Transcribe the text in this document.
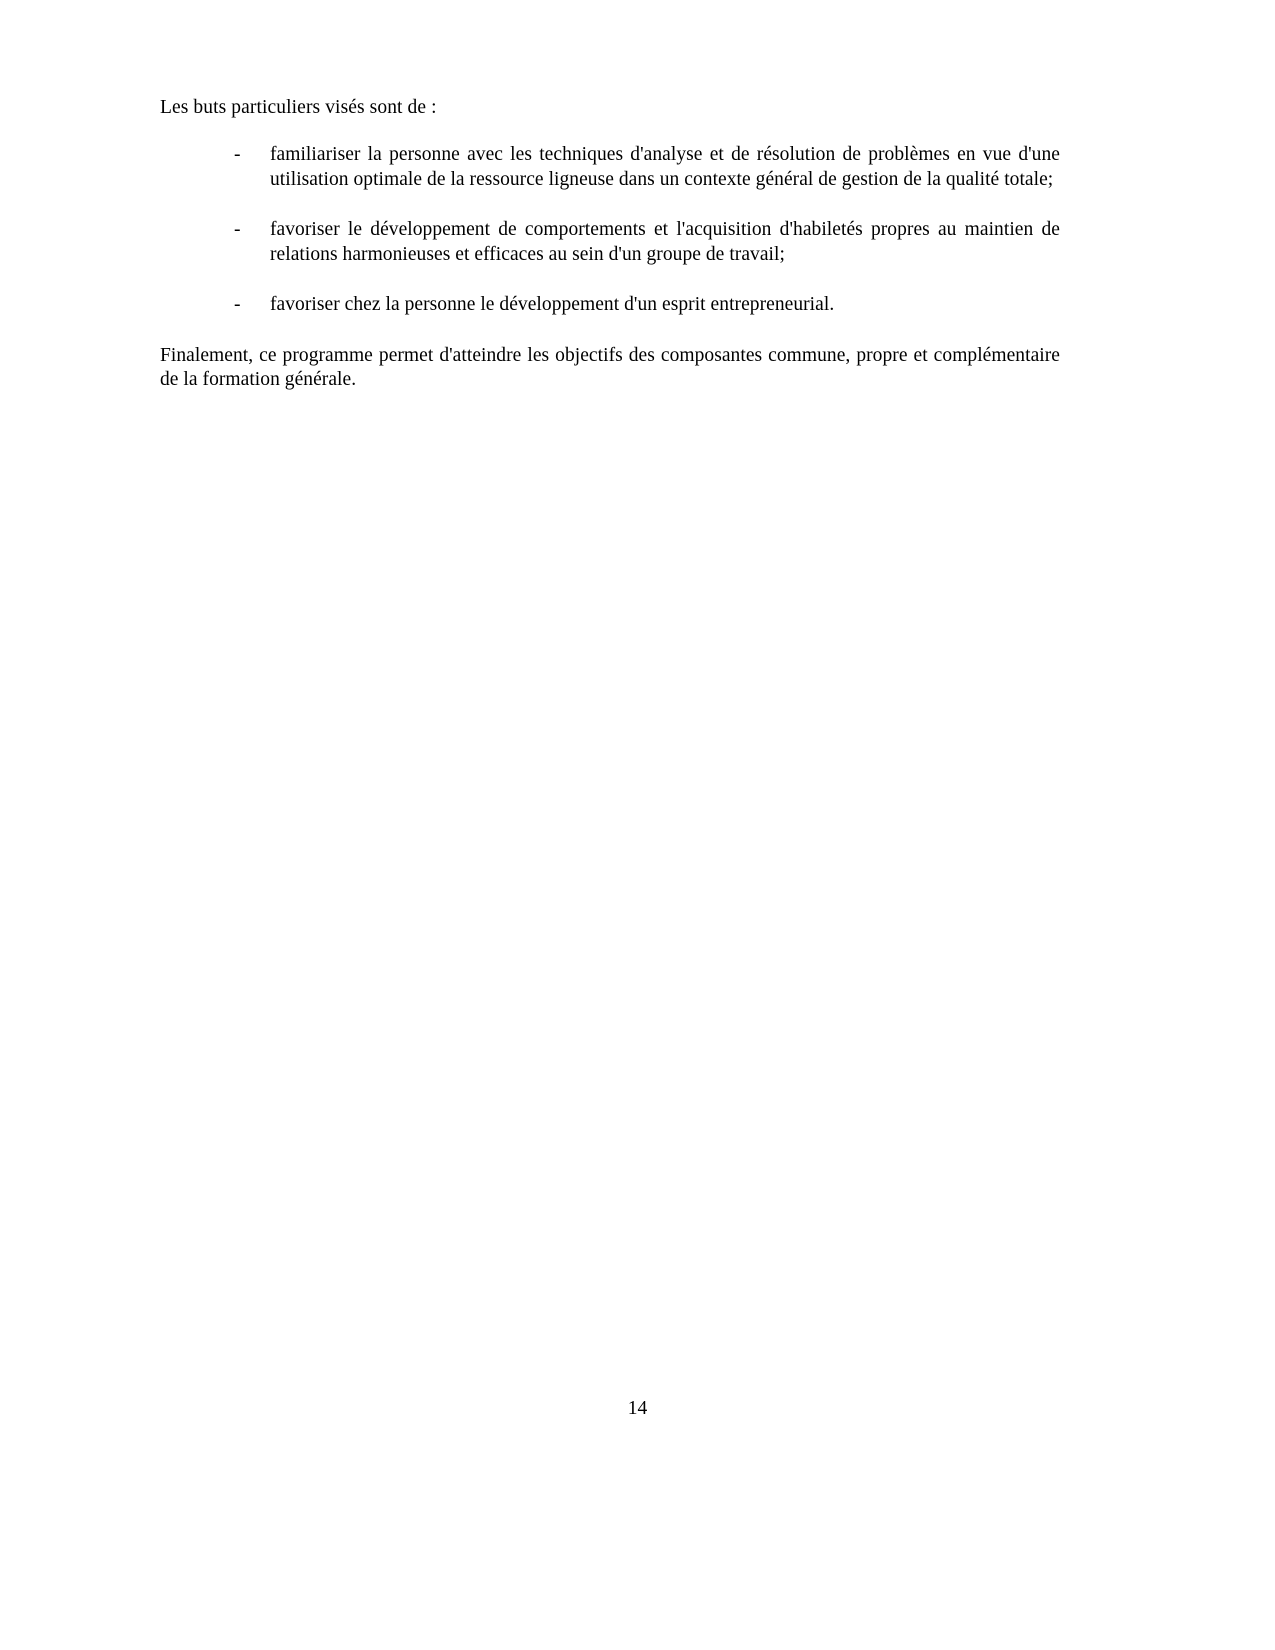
Les buts particuliers visés sont de :

- familiariser la personne avec les techniques d'analyse et de résolution de problèmes en vue d'une utilisation optimale de la ressource ligneuse dans un contexte général de gestion de la qualité totale;
- favoriser le développement de comportements et l'acquisition d'habiletés propres au maintien de relations harmonieuses et efficaces au sein d'un groupe de travail;
- favoriser chez la personne le développement d'un esprit entrepreneurial.

Finalement, ce programme permet d'atteindre les objectifs des composantes commune, propre et complémentaire de la formation générale.

14
